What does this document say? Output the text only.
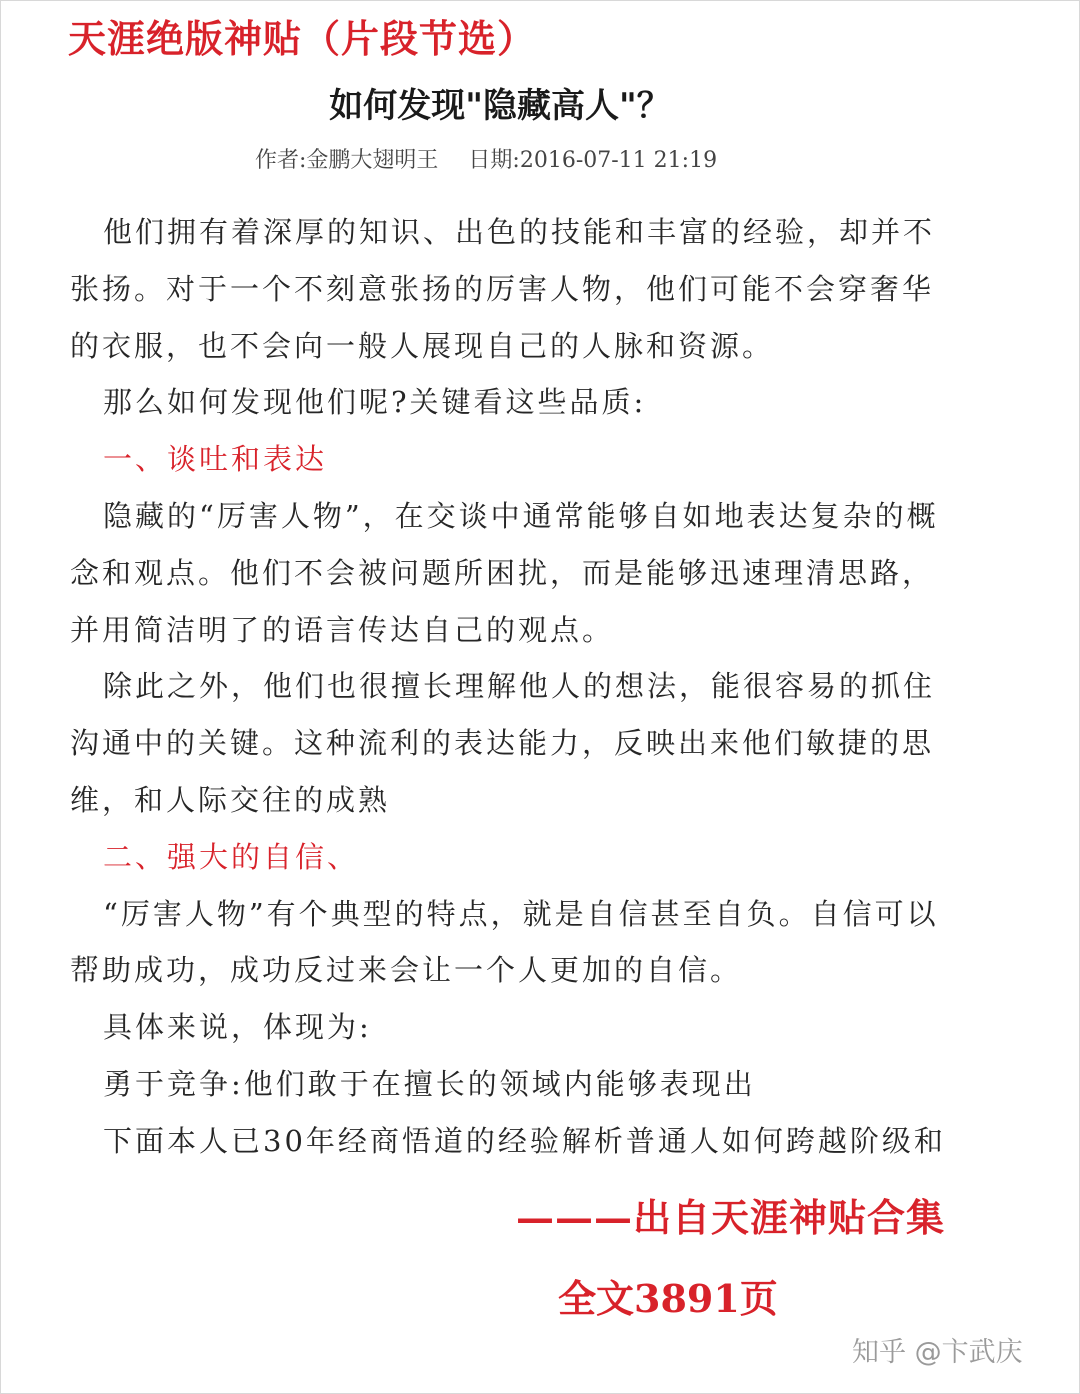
天涯绝版神贴（片段节选）
如何发现"隐藏高人"？
作者:金鹏大翅明王 日期:2016-07-11 21:19

他们拥有着深厚的知识、出色的技能和丰富的经验，却并不张扬。对于一个不刻意张扬的厉害人物，他们可能不会穿奢华的衣服，也不会向一般人展现自己的人脉和资源。

那么如何发现他们呢?关键看这些品质:

一、谈吐和表达

隐藏的“厉害人物”，在交谈中通常能够自如地表达复杂的概念和观点。他们不会被问题所困扰，而是能够迅速理清思路，并用简洁明了的语言传达自己的观点。

除此之外，他们也很擅长理解他人的想法，能很容易的抓住沟通中的关键。这种流利的表达能力，反映出来他们敏捷的思维，和人际交往的成熟

二、强大的自信、

“厉害人物”有个典型的特点，就是自信甚至自负。自信可以帮助成功，成功反过来会让一个人更加的自信。

具体来说，体现为:

勇于竞争:他们敢于在擅长的领域内能够表现出

下面本人已30年经商悟道的经验解析普通人如何跨越阶级和

———出自天涯神贴合集
全文3891页
知乎 @卞武庆
